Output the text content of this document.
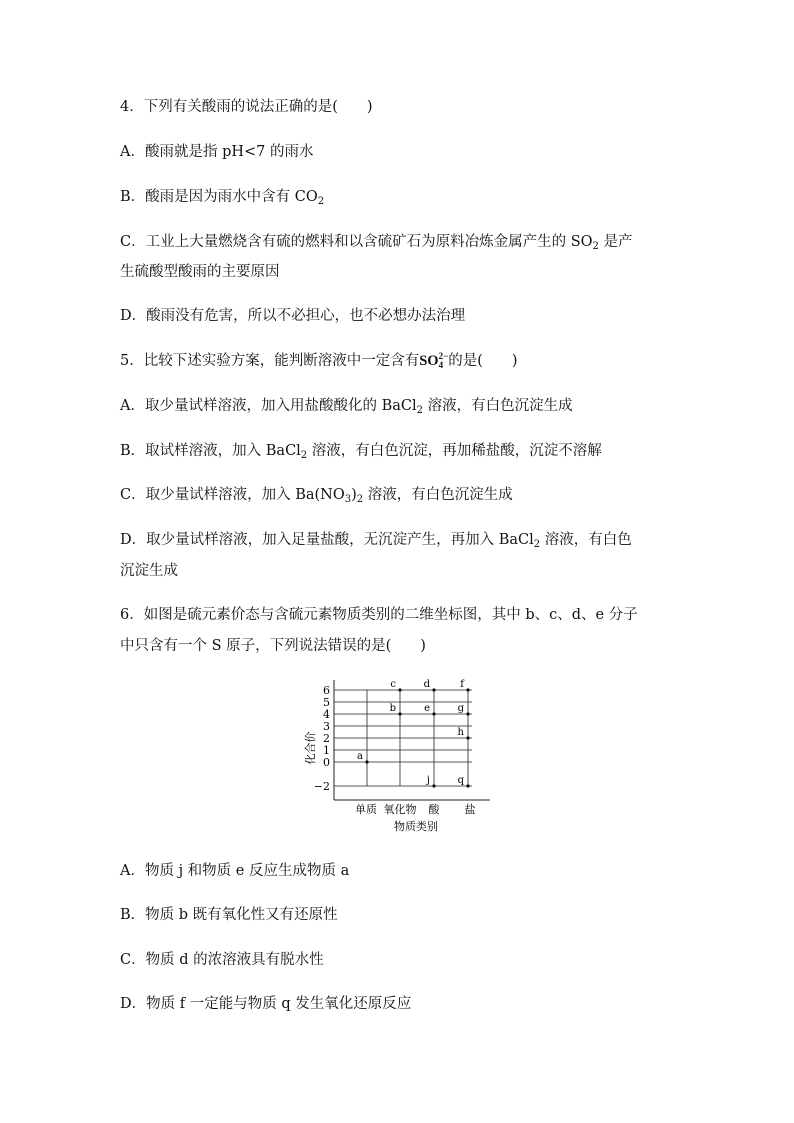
4．下列有关酸雨的说法正确的是(　　)
A．酸雨就是指 pH<7 的雨水
B．酸雨是因为雨水中含有 $CO_2$
C．工业上大量燃烧含有硫的燃料和以含硫矿石为原料冶炼金属产生的 $SO_2$ 是产
生硫酸型酸雨的主要原因
D．酸雨没有危害，所以不必担心，也不必想办法治理
5．比较下述实验方案，能判断溶液中一定含有SO 2−
4 的是(　　)
A．取少量试样溶液，加入用盐酸酸化的 BaCl$_2$ 溶液，有白色沉淀生成
B．取试样溶液，加入 BaCl$_2$ 溶液，有白色沉淀，再加稀盐酸，沉淀不溶解
C．取少量试样溶液，加入 $Ba(NO_3)_2$ 溶液，有白色沉淀生成
D．取少量试样溶液，加入足量盐酸，无沉淀产生，再加入 BaCl$_2$ 溶液，有白色
沉淀生成
6．如图是硫元素价态与含硫元素物质类别的二维坐标图，其中 b、c、d、e 分子
中只含有一个 S 原子，下列说法错误的是(　　)
6
5
4
3
2
1
0
−2
单质 氧化物 酸 盐
a
c
b
d
e
j
f
g
h
q
化合价
物质类别
A．物质 j 和物质 e 反应生成物质 a
B．物质 b 既有氧化性又有还原性
C．物质 d 的浓溶液具有脱水性
D．物质 f 一定能与物质 q 发生氧化还原反应
